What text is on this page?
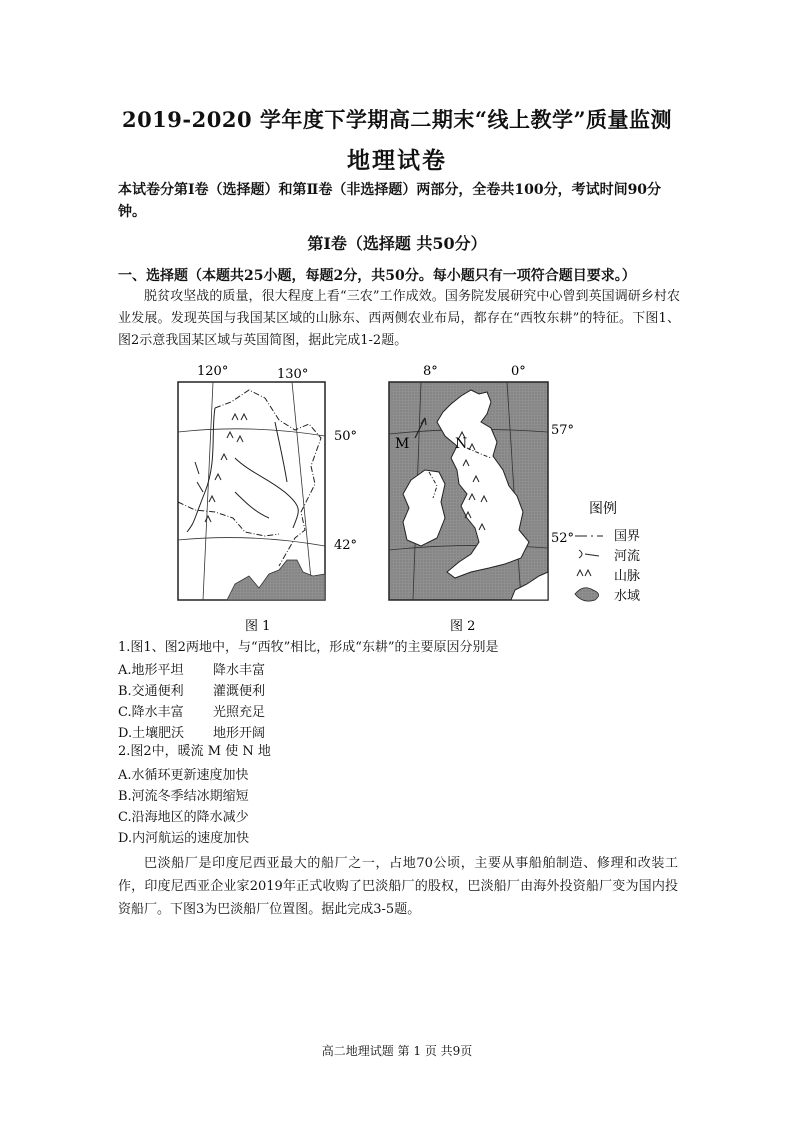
2019-2020 学年度下学期高二期末“线上教学”质量监测
地理试卷
本试卷分第Ⅰ卷（选择题）和第Ⅱ卷（非选择题）两部分，全卷共100分，考试时间90分钟。
第Ⅰ卷（选择题 共50分）
一、选择题（本题共25小题，每题2分，共50分。每小题只有一项符合题目要求。）
脱贫攻坚战的质量，很大程度上看“三农”工作成效。国务院发展研究中心曾到英国调研乡村农业发展。发现英国与我国某区域的山脉东、西两侧农业布局，都存在“西牧东耕”的特征。下图1、图2示意我国某区域与英国简图，据此完成1-2题。
120°	130°
50°
42°
图 1
M	N
8°	0°
57°
52°
图 2
图例
国界
河流
山脉
水域
1.图1、图2两地中，与“西牧”相比，形成“东耕”的主要原因分别是
A.地形平坦 降水丰富
B.交通便利 灌溉便利
C.降水丰富 光照充足
D.土壤肥沃 地形开阔
2.图2中，暖流 M 使 N 地
A.水循环更新速度加快
B.河流冬季结冰期缩短
C.沿海地区的降水减少
D.内河航运的速度加快
巴淡船厂是印度尼西亚最大的船厂之一，占地70公顷，主要从事船舶制造、修理和改装工作，印度尼西亚企业家2019年正式收购了巴淡船厂的股权，巴淡船厂由海外投资船厂变为国内投资船厂。下图3为巴淡船厂位置图。据此完成3-5题。
高二地理试题 第 1 页 共9页
